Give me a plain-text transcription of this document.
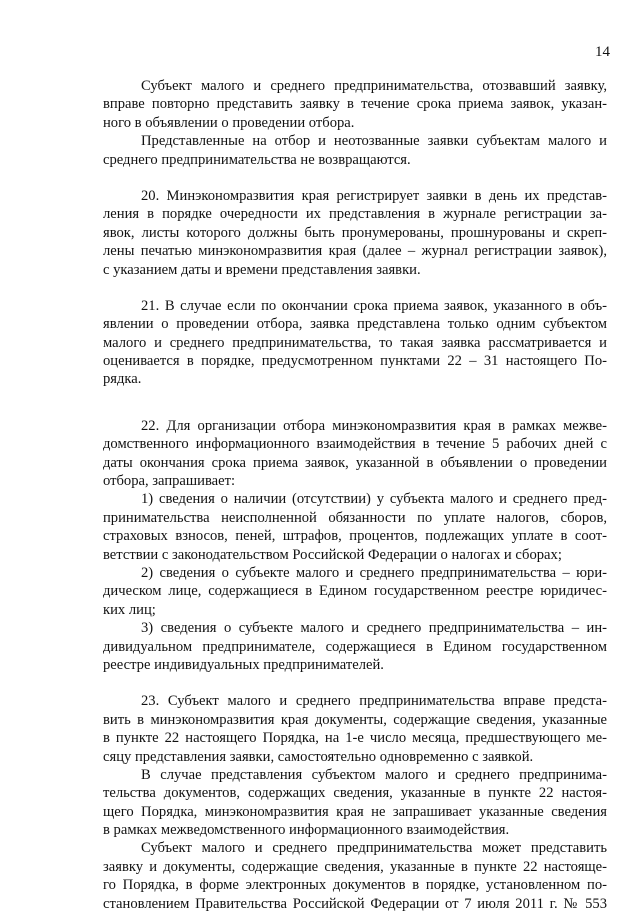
14
Субъект малого и среднего предпринимательства, отозвавший заявку,
вправе повторно представить заявку в течение срока приема заявок, указан-
ного в объявлении о проведении отбора.
Представленные на отбор и неотозванные заявки субъектам малого и
среднего предпринимательства не возвращаются.
20. Минэкономразвития края регистрирует заявки в день их представ-
ления в порядке очередности их представления в журнале регистрации за-
явок, листы которого должны быть пронумерованы, прошнурованы и скреп-
лены печатью минэкономразвития края (далее – журнал регистрации заявок),
с указанием даты и времени представления заявки.
21. В случае если по окончании срока приема заявок, указанного в объ-
явлении о проведении отбора, заявка представлена только одним субъектом
малого и среднего предпринимательства, то такая заявка рассматривается и
оценивается в порядке, предусмотренном пунктами 22 – 31 настоящего По-
рядка.
22. Для организации отбора минэкономразвития края в рамках межве-
домственного информационного взаимодействия в течение 5 рабочих дней с
даты окончания срока приема заявок, указанной в объявлении о проведении
отбора, запрашивает:
1) сведения о наличии (отсутствии) у субъекта малого и среднего пред-
принимательства неисполненной обязанности по уплате налогов, сборов,
страховых взносов, пеней, штрафов, процентов, подлежащих уплате в соот-
ветствии с законодательством Российской Федерации о налогах и сборах;
2) сведения о субъекте малого и среднего предпринимательства – юри-
дическом лице, содержащиеся в Едином государственном реестре юридичес-
ких лиц;
3) сведения о субъекте малого и среднего предпринимательства – ин-
дивидуальном предпринимателе, содержащиеся в Едином государственном
реестре индивидуальных предпринимателей.
23. Субъект малого и среднего предпринимательства вправе предста-
вить в минэкономразвития края документы, содержащие сведения, указанные
в пункте 22 настоящего Порядка, на 1-е число месяца, предшествующего ме-
сяцу представления заявки, самостоятельно одновременно с заявкой.
В случае представления субъектом малого и среднего предпринима-
тельства документов, содержащих сведения, указанные в пункте 22 настоя-
щего Порядка, минэкономразвития края не запрашивает указанные сведения
в рамках межведомственного информационного взаимодействия.
Субъект малого и среднего предпринимательства может представить
заявку и документы, содержащие сведения, указанные в пункте 22 настояще-
го Порядка, в форме электронных документов в порядке, установленном по-
становлением Правительства Российской Федерации от 7 июля 2011 г. № 553
